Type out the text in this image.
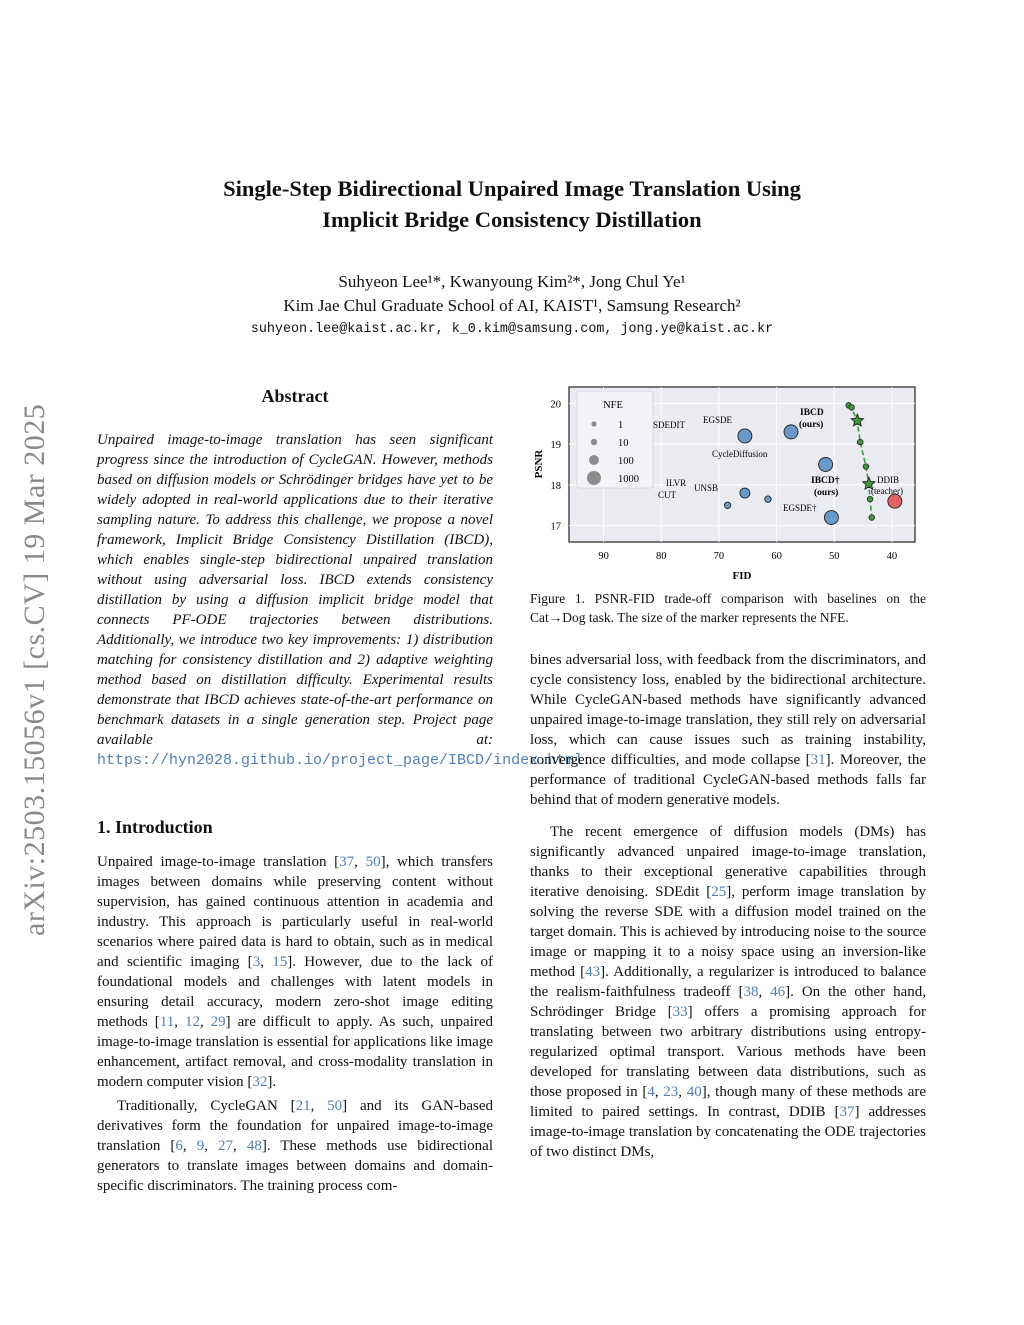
arXiv:2503.15056v1 [cs.CV] 19 Mar 2025
Single-Step Bidirectional Unpaired Image Translation Using
Implicit Bridge Consistency Distillation
Suhyeon Lee¹*, Kwanyoung Kim²*, Jong Chul Ye¹
Kim Jae Chul Graduate School of AI, KAIST¹, Samsung Research²
suhyeon.lee@kaist.ac.kr, k_0.kim@samsung.com, jong.ye@kaist.ac.kr
Abstract

Unpaired image-to-image translation has seen significant progress since the introduction of CycleGAN. However, methods based on diffusion models or Schrödinger bridges have yet to be widely adopted in real-world applications due to their iterative sampling nature. To address this challenge, we propose a novel framework, Implicit Bridge Consistency Distillation (IBCD), which enables single-step bidirectional unpaired translation without using adversarial loss. IBCD extends consistency distillation by using a diffusion implicit bridge model that connects PF-ODE trajectories between distributions. Additionally, we introduce two key improvements: 1) distribution matching for consistency distillation and 2) adaptive weighting method based on distillation difficulty. Experimental results demonstrate that IBCD achieves state-of-the-art performance on benchmark datasets in a single generation step. Project page available at: https://hyn2028.github.io/project_page/IBCD/index.html

1. Introduction

Unpaired image-to-image translation [37, 50], which transfers images between domains while preserving content without supervision, has gained continuous attention in academia and industry. This approach is particularly useful in real-world scenarios where paired data is hard to obtain, such as in medical and scientific imaging [3, 15]. However, due to the lack of foundational models and challenges with latent models in ensuring detail accuracy, modern zero-shot image editing methods [11, 12, 29] are difficult to apply. As such, unpaired image-to-image translation is essential for applications like image enhancement, artifact removal, and cross-modality translation in modern computer vision [32].

Traditionally, CycleGAN [21, 50] and its GAN-based derivatives form the foundation for unpaired image-to-image translation [6, 9, 27, 48]. These methods use bidirectional generators to translate images between domains and domain-specific discriminators. The training process com-

90	80	70	60	50	40
17
18
19
20
PSNR
FID
NFE
1
10
100
1000
SDEDIT EGSDE
CycleDiffusion
ILVR
CUT
UNSB
EGSDE†
IBCD
(ours)
IBCD†
(ours)
DDIB
(teacher)

Figure 1. PSNR-FID trade-off comparison with baselines on the Cat→Dog task. The size of the marker represents the NFE.

bines adversarial loss, with feedback from the discriminators, and cycle consistency loss, enabled by the bidirectional architecture. While CycleGAN-based methods have significantly advanced unpaired image-to-image translation, they still rely on adversarial loss, which can cause issues such as training instability, convergence difficulties, and mode collapse [31]. Moreover, the performance of traditional CycleGAN-based methods falls far behind that of modern generative models.

The recent emergence of diffusion models (DMs) has significantly advanced unpaired image-to-image translation, thanks to their exceptional generative capabilities through iterative denoising. SDEdit [25], perform image translation by solving the reverse SDE with a diffusion model trained on the target domain. This is achieved by introducing noise to the source image or mapping it to a noisy space using an inversion-like method [43]. Additionally, a regularizer is introduced to balance the realism-faithfulness tradeoff [38, 46]. On the other hand, Schrödinger Bridge [33] offers a promising approach for translating between two arbitrary distributions using entropy-regularized optimal transport. Various methods have been developed for translating between data distributions, such as those proposed in [4, 23, 40], though many of these methods are limited to paired settings. In contrast, DDIB [37] addresses image-to-image translation by concatenating the ODE trajectories of two distinct DMs,
